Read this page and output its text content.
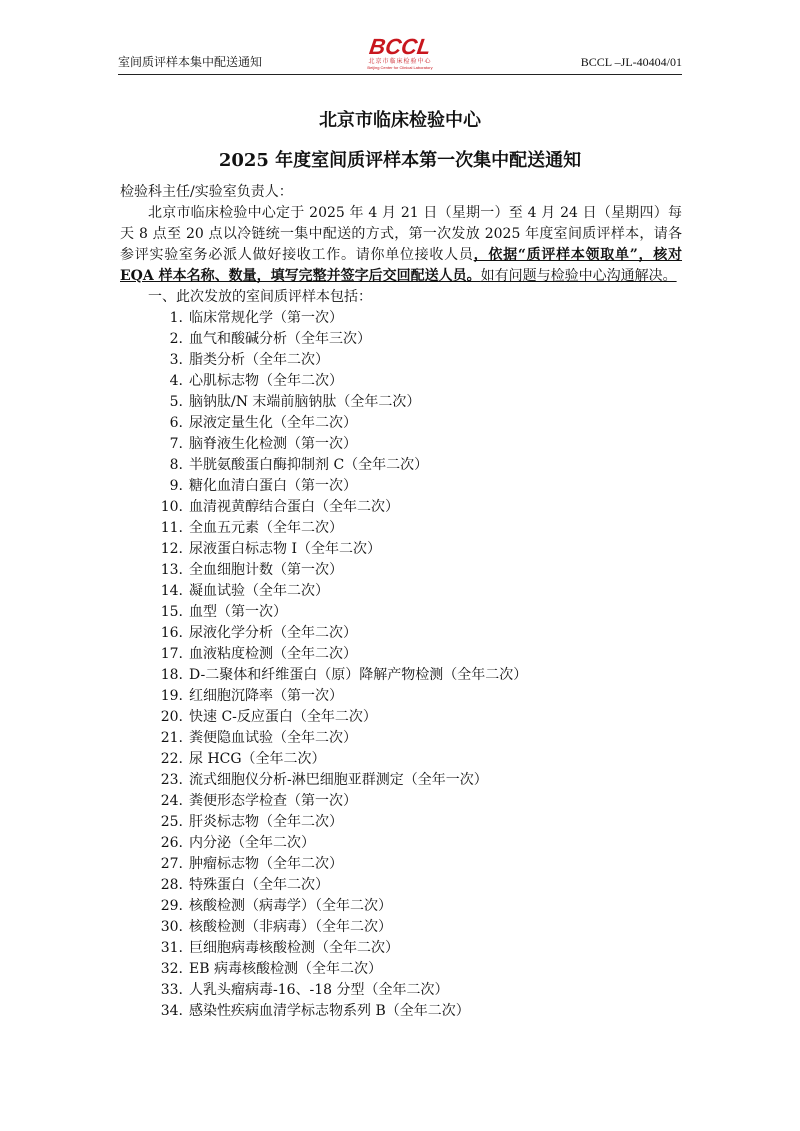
室间质评样本集中配送通知
BCCL
北京市临床检验中心
Beijing Center for Clinical Laboratory	BCCL –JL-40404/01
北京市临床检验中心
2025 年度室间质评样本第一次集中配送通知

检验科主任/实验室负责人：

北京市临床检验中心定于 2025 年 4 月 21 日（星期一）至 4 月 24 日（星期四）每天 8 点至 20 点以冷链统一集中配送的方式，第一次发放 2025 年度室间质评样本，请各参评实验室务必派人做好接收工作。请你单位接收人员，依据“质评样本领取单”，核对 EQA 样本名称、数量，填写完整并签字后交回配送人员。如有问题与检验中心沟通解决。

一、此次发放的室间质评样本包括：

1. 临床常规化学（第一次）
2. 血气和酸碱分析（全年三次）
3. 脂类分析（全年二次）
4. 心肌标志物（全年二次）
5. 脑钠肽/N 末端前脑钠肽（全年二次）
6. 尿液定量生化（全年二次）
7. 脑脊液生化检测（第一次）
8. 半胱氨酸蛋白酶抑制剂 C（全年二次）
9. 糖化血清白蛋白（第一次）
10. 血清视黄醇结合蛋白（全年二次）
11. 全血五元素（全年二次）
12. 尿液蛋白标志物 I（全年二次）
13. 全血细胞计数（第一次）
14. 凝血试验（全年二次）
15. 血型（第一次）
16. 尿液化学分析（全年二次）
17. 血液粘度检测（全年二次）
18. D-二聚体和纤维蛋白（原）降解产物检测（全年二次）
19. 红细胞沉降率（第一次）
20. 快速 C-反应蛋白（全年二次）
21. 粪便隐血试验（全年二次）
22. 尿 HCG（全年二次）
23. 流式细胞仪分析-淋巴细胞亚群测定（全年一次）
24. 粪便形态学检查（第一次）
25. 肝炎标志物（全年二次）
26. 内分泌（全年二次）
27. 肿瘤标志物（全年二次）
28. 特殊蛋白（全年二次）
29. 核酸检测（病毒学）（全年二次）
30. 核酸检测（非病毒）（全年二次）
31. 巨细胞病毒核酸检测（全年二次）
32. EB 病毒核酸检测（全年二次）
33. 人乳头瘤病毒-16、-18 分型（全年二次）
34. 感染性疾病血清学标志物系列 B（全年二次）
